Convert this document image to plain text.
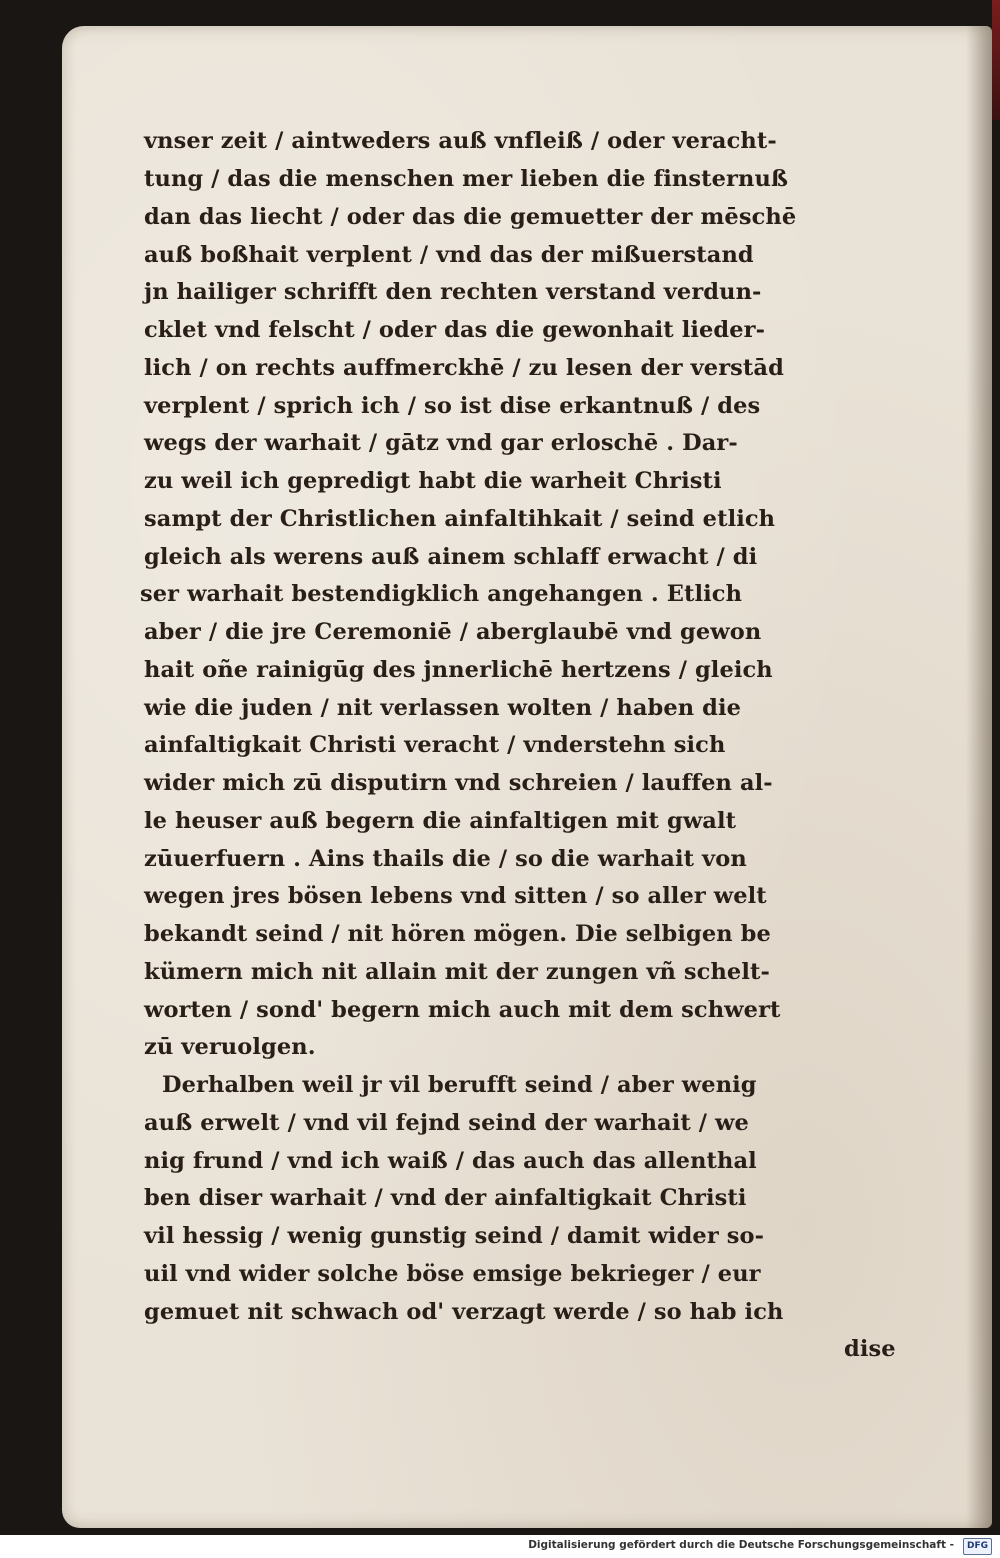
vnser zeit / aintweders auß vnfleiß / oder veracht-
tung / das die menschen mer lieben die finsternuß
dan das liecht / oder das die gemuetter der mēschē
auß boßhait verplent / vnd das der mißuerstand
jn hailiger schrifft den rechten verstand verdun-
cklet vnd felscht / oder das die gewonhait lieder-
lich / on rechts auffmerckhē / zu lesen der verstād
verplent / sprich ich / so ist dise erkantnuß / des
wegs der warhait / gātz vnd gar erloschē . Dar-
zu weil ich gepredigt habt die warheit Christi
sampt der Christlichen ainfaltihkait / seind etlich
gleich als werens auß ainem schlaff erwacht / di
ser warhait bestendigklich angehangen . Etlich
aber / die jre Ceremoniē / aberglaubē vnd gewon
hait oñe rainigūg des jnnerlichē hertzens / gleich
wie die juden / nit verlassen wolten / haben die
ainfaltigkait Christi veracht / vnderstehn sich
wider mich zū disputirn vnd schreien / lauffen al-
le heuser auß begern die ainfaltigen mit gwalt
zūuerfuern . Ains thails die / so die warhait von
wegen jres bösen lebens vnd sitten / so aller welt
bekandt seind / nit hören mögen. Die selbigen be
kümern mich nit allain mit der zungen vñ schelt-
worten / sond' begern mich auch mit dem schwert
zū veruolgen.
Derhalben weil jr vil berufft seind / aber wenig
auß erwelt / vnd vil fejnd seind der warhait / we
nig frund / vnd ich waiß / das auch das allenthal
ben diser warhait / vnd der ainfaltigkait Christi
vil hessig / wenig gunstig seind / damit wider so-
uil vnd wider solche böse emsige bekrieger / eur
gemuet nit schwach od' verzagt werde / so hab ich
dise
Digitalisierung gefördert durch die Deutsche Forschungsgemeinschaft -	DFG
